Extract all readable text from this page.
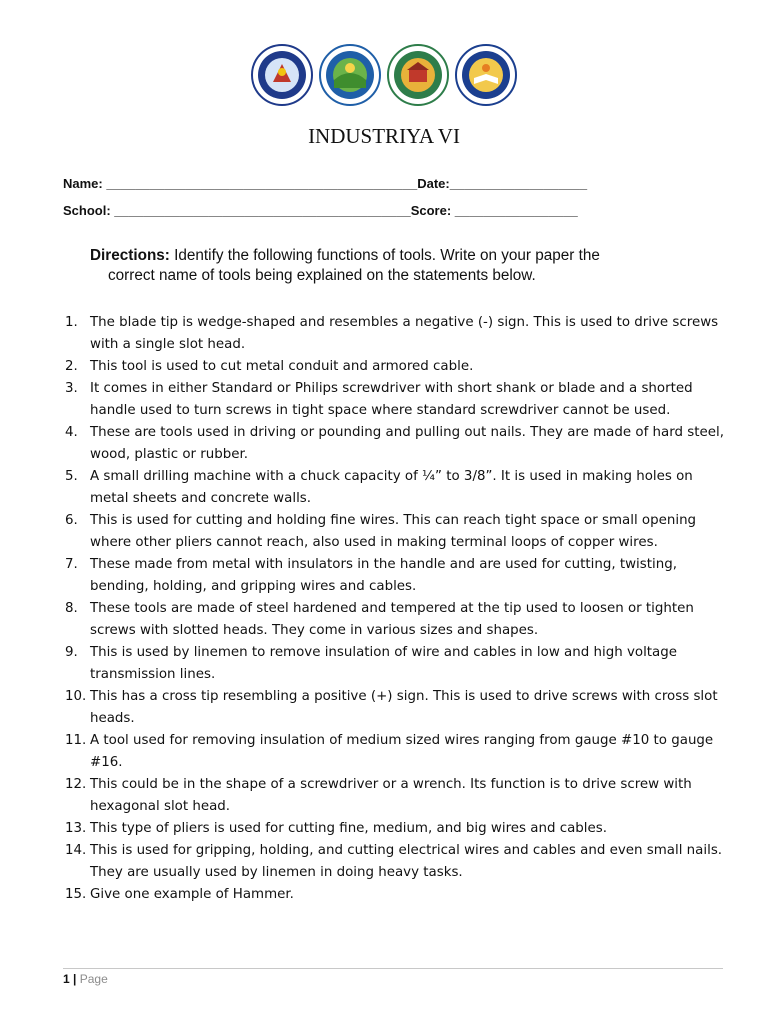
INDUSTRIYA VI
Name: ___________________________________________Date:___________________
School: _________________________________________Score: _________________
Directions: Identify the following functions of tools. Write on your paper the
correct name of tools being explained on the statements below.
1. The blade tip is wedge-shaped and resembles a negative (-) sign. This is used to drive screws with a single slot head.
2. This tool is used to cut metal conduit and armored cable.
3. It comes in either Standard or Philips screwdriver with short shank or blade and a shorted handle used to turn screws in tight space where standard screwdriver cannot be used.
4. These are tools used in driving or pounding and pulling out nails. They are made of hard steel, wood, plastic or rubber.
5. A small drilling machine with a chuck capacity of ¼” to 3/8”. It is used in making holes on metal sheets and concrete walls.
6. This is used for cutting and holding fine wires. This can reach tight space or small opening where other pliers cannot reach, also used in making terminal loops of copper wires.
7. These made from metal with insulators in the handle and are used for cutting, twisting, bending, holding, and gripping wires and cables.
8. These tools are made of steel hardened and tempered at the tip used to loosen or tighten screws with slotted heads. They come in various sizes and shapes.
9. This is used by linemen to remove insulation of wire and cables in low and high voltage transmission lines.
10. This has a cross tip resembling a positive (+) sign. This is used to drive screws with cross slot heads.
11. A tool used for removing insulation of medium sized wires ranging from gauge #10 to gauge #16.
12. This could be in the shape of a screwdriver or a wrench. Its function is to drive screw with hexagonal slot head.
13. This type of pliers is used for cutting fine, medium, and big wires and cables.
14. This is used for gripping, holding, and cutting electrical wires and cables and even small nails. They are usually used by linemen in doing heavy tasks.
15. Give one example of Hammer.
1 | Page
